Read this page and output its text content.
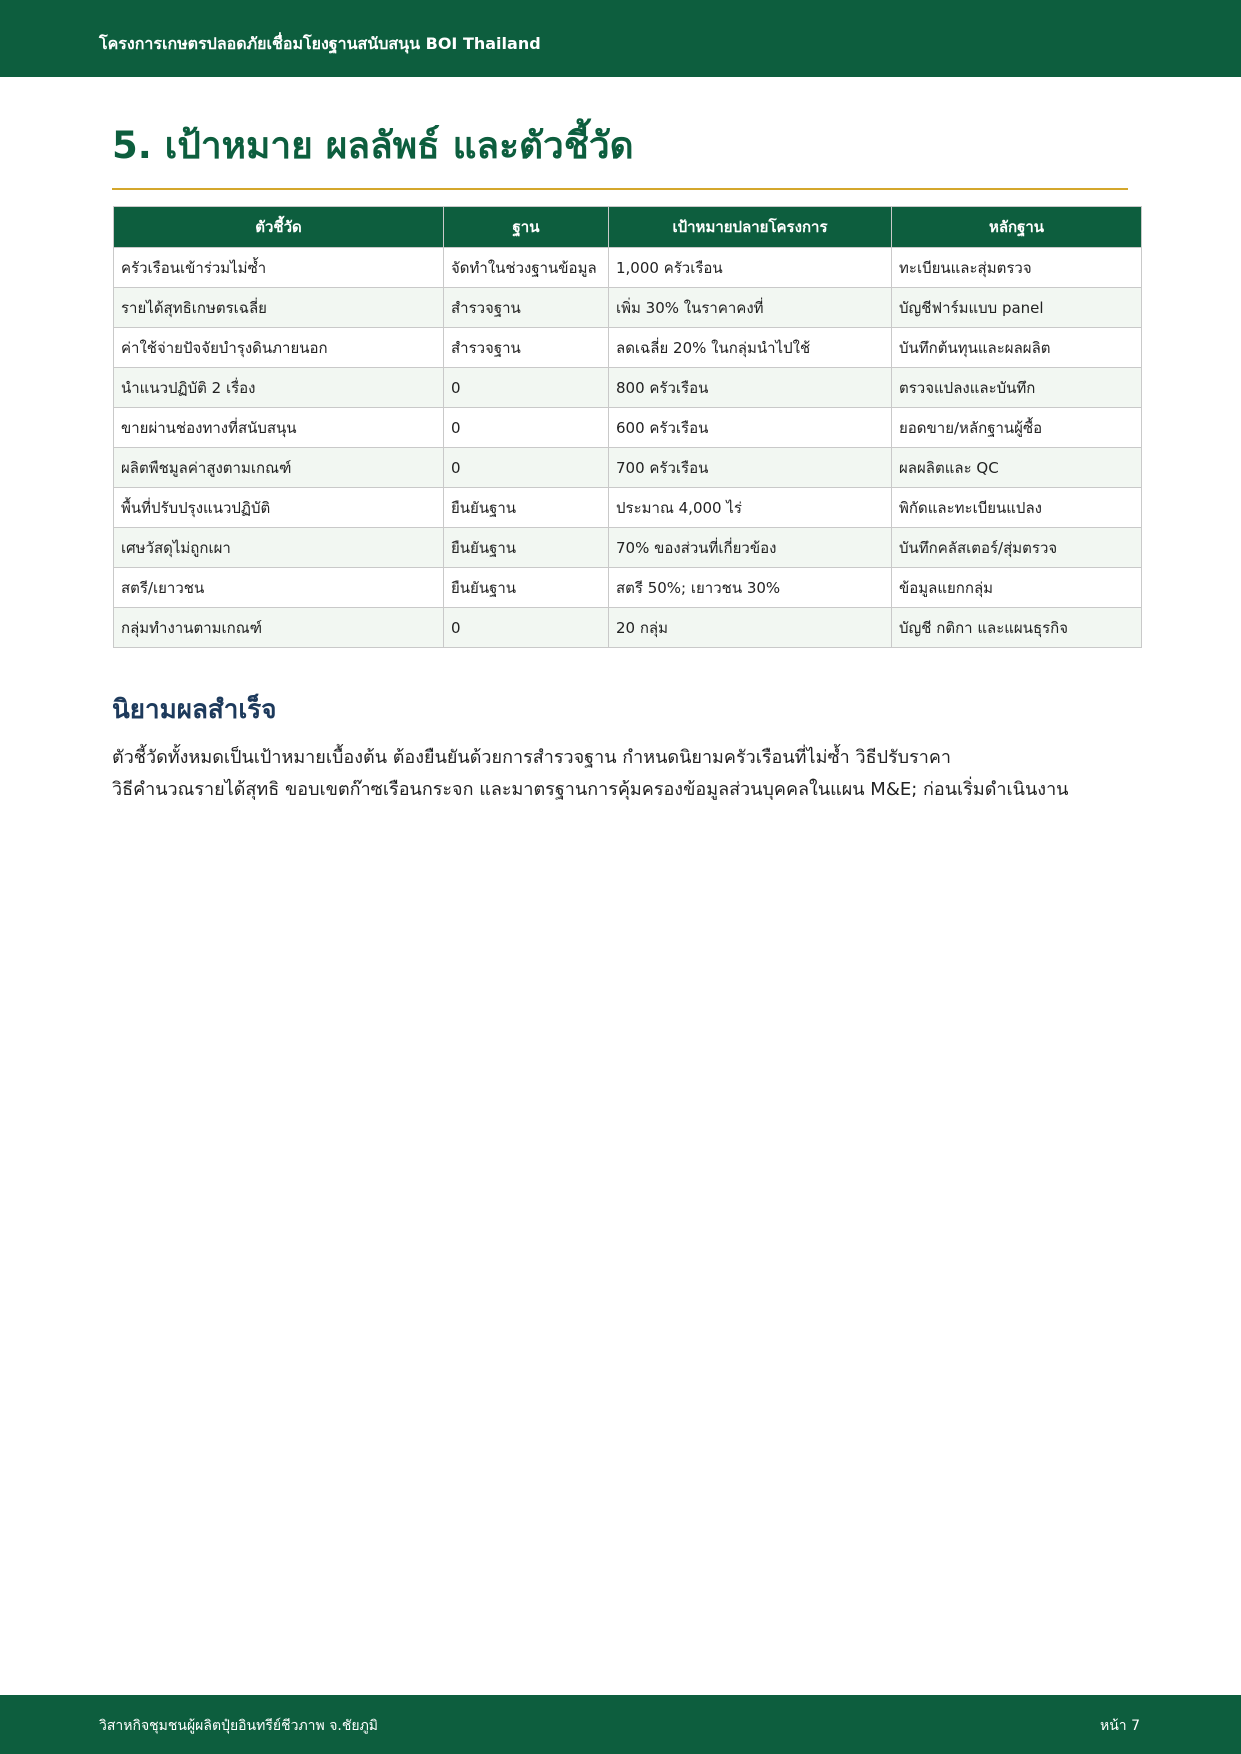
โครงการเกษตรปลอดภัยเชื่อมโยงฐานสนับสนุน BOI Thailand
5. เป้าหมาย ผลลัพธ์ และตัวชี้วัด
ตัวชี้วัด	ฐาน	เป้าหมายปลายโครงการ	หลักฐาน
ครัวเรือนเข้าร่วมไม่ซ้ำ	จัดทำในช่วงฐานข้อมูล	1,000 ครัวเรือน	ทะเบียนและสุ่มตรวจ
รายได้สุทธิเกษตรเฉลี่ย	สำรวจฐาน	เพิ่ม 30% ในราคาคงที่	บัญชีฟาร์มแบบ panel
ค่าใช้จ่ายปัจจัยบำรุงดินภายนอก	สำรวจฐาน	ลดเฉลี่ย 20% ในกลุ่มนำไปใช้	บันทึกต้นทุนและผลผลิต
นำแนวปฏิบัติ 2 เรื่อง	0	800 ครัวเรือน	ตรวจแปลงและบันทึก
ขายผ่านช่องทางที่สนับสนุน	0	600 ครัวเรือน	ยอดขาย/หลักฐานผู้ซื้อ
ผลิตพืชมูลค่าสูงตามเกณฑ์	0	700 ครัวเรือน	ผลผลิตและ QC
พื้นที่ปรับปรุงแนวปฏิบัติ	ยืนยันฐาน	ประมาณ 4,000 ไร่	พิกัดและทะเบียนแปลง
เศษวัสดุไม่ถูกเผา	ยืนยันฐาน	70% ของส่วนที่เกี่ยวข้อง	บันทึกคลัสเตอร์/สุ่มตรวจ
สตรี/เยาวชน	ยืนยันฐาน	สตรี 50%; เยาวชน 30%	ข้อมูลแยกกลุ่ม
กลุ่มทำงานตามเกณฑ์	0	20 กลุ่ม	บัญชี กติกา และแผนธุรกิจ
นิยามผลสำเร็จ

ตัวชี้วัดทั้งหมดเป็นเป้าหมายเบื้องต้น ต้องยืนยันด้วยการสำรวจฐาน กำหนดนิยามครัวเรือนที่ไม่ซ้ำ วิธีปรับราคา
วิธีคำนวณรายได้สุทธิ ขอบเขตก๊าซเรือนกระจก และมาตรฐานการคุ้มครองข้อมูลส่วนบุคคลในแผน M&E; ก่อนเริ่มดำเนินงาน

วิสาหกิจชุมชนผู้ผลิตปุ๋ยอินทรีย์ชีวภาพ จ.ชัยภูมิ	หน้า 7
